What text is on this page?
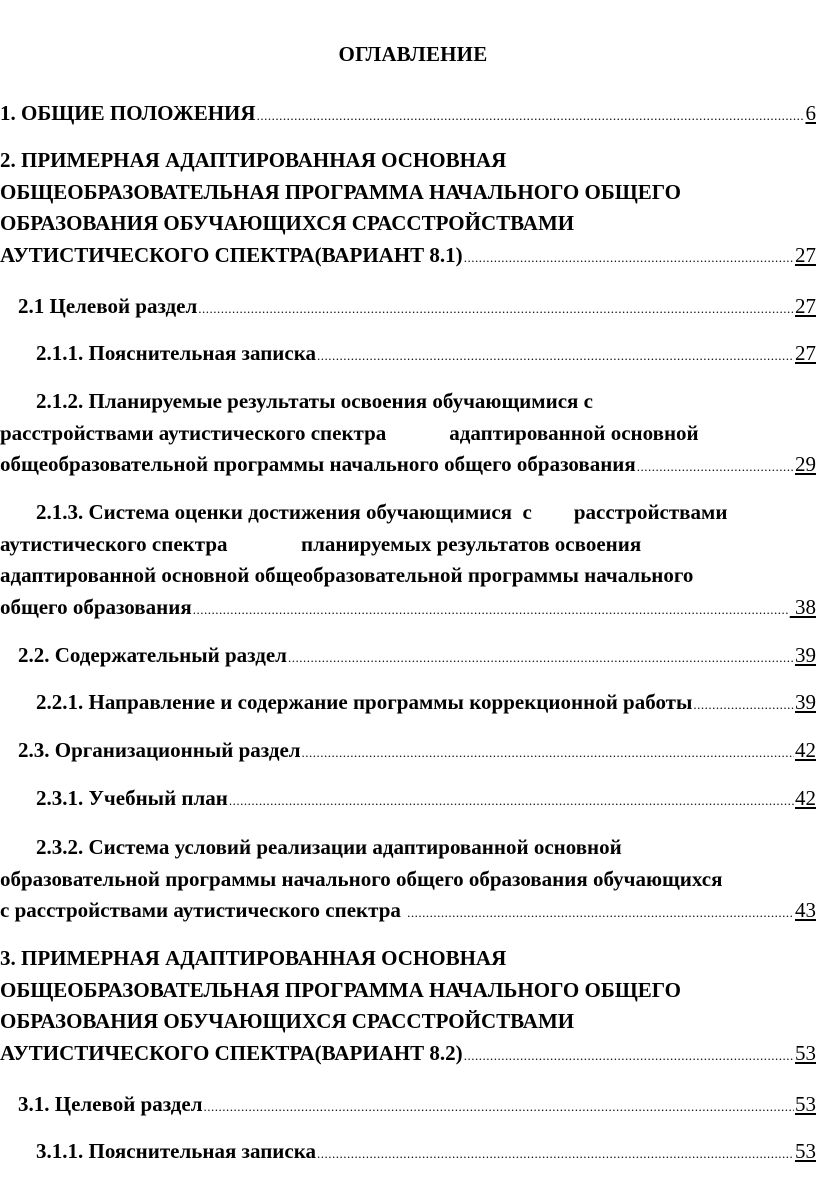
ОГЛАВЛЕНИЕ
1. ОБЩИЕ ПОЛОЖЕНИЯ .....	6
2. ПРИМЕРНАЯ АДАПТИРОВАННАЯ ОСНОВНАЯ
ОБЩЕОБРАЗОВАТЕЛЬНАЯ ПРОГРАММА НАЧАЛЬНОГО ОБЩЕГО
ОБРАЗОВАНИЯ ОБУЧАЮЩИХСЯ СРАССТРОЙСТВАМИ
АУТИСТИЧЕСКОГО СПЕКТРА(ВАРИАНТ 8.1) .....	27
2.1 Целевой раздел .....	27
2.1.1. Пояснительная записка .....	27
2.1.2. Планируемые результаты освоения обучающимися с
расстройствами аутистического спектра            адаптированной основной
общеобразовательной программы начального общего образования .....	29
2.1.3. Система оценки достижения обучающимися  с        расстройствами
аутистического спектра              планируемых результатов освоения
адаптированной основной общеобразовательной программы начального
общего образования .....	38
2.2. Содержательный раздел .....	39
2.2.1. Направление и содержание программы коррекционной работы .....	39
2.3. Организационный раздел .....	42
2.3.1. Учебный план .....	42
2.3.2. Система условий реализации адаптированной основной
образовательной программы начального общего образования обучающихся
с расстройствами аутистического спектра .....	43
3. ПРИМЕРНАЯ АДАПТИРОВАННАЯ ОСНОВНАЯ
ОБЩЕОБРАЗОВАТЕЛЬНАЯ ПРОГРАММА НАЧАЛЬНОГО ОБЩЕГО
ОБРАЗОВАНИЯ ОБУЧАЮЩИХСЯ СРАССТРОЙСТВАМИ
АУТИСТИЧЕСКОГО СПЕКТРА(ВАРИАНТ 8.2) .....	53
3.1. Целевой раздел .....	53
3.1.1. Пояснительная записка .....	53
